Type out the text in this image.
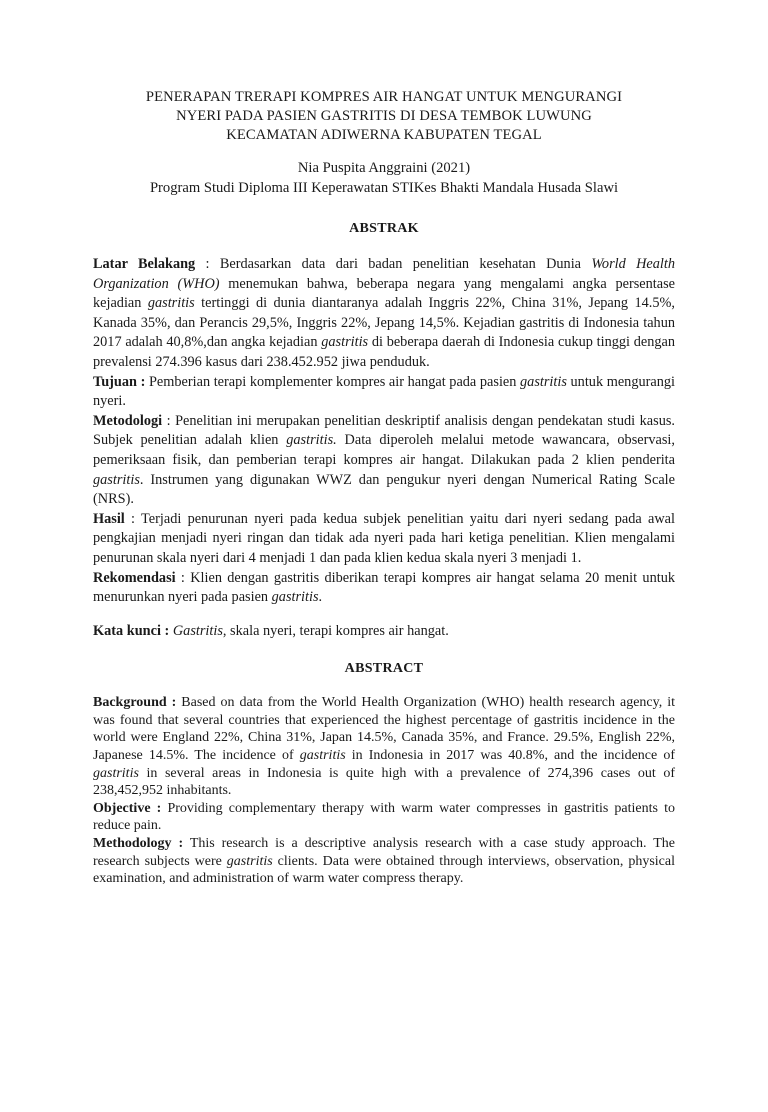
PENERAPAN TRERAPI KOMPRES AIR HANGAT UNTUK MENGURANGI
NYERI PADA PASIEN GASTRITIS DI DESA TEMBOK LUWUNG
KECAMATAN ADIWERNA KABUPATEN TEGAL
Nia Puspita Anggraini (2021)
Program Studi Diploma III Keperawatan STIKes Bhakti Mandala Husada Slawi
ABSTRAK

Latar Belakang : Berdasarkan data dari badan penelitian kesehatan Dunia World Health Organization (WHO) menemukan bahwa, beberapa negara yang mengalami angka persentase kejadian gastritis tertinggi di dunia diantaranya adalah Inggris 22%, China 31%, Jepang 14.5%, Kanada 35%, dan Perancis 29,5%, Inggris 22%, Jepang 14,5%. Kejadian gastritis di Indonesia tahun 2017 adalah 40,8%,dan angka kejadian gastritis di beberapa daerah di Indonesia cukup tinggi dengan prevalensi 274.396 kasus dari 238.452.952 jiwa penduduk.

Tujuan : Pemberian terapi komplementer kompres air hangat pada pasien gastritis untuk mengurangi nyeri.

Metodologi : Penelitian ini merupakan penelitian deskriptif analisis dengan pendekatan studi kasus. Subjek penelitian adalah klien gastritis. Data diperoleh melalui metode wawancara, observasi, pemeriksaan fisik, dan pemberian terapi kompres air hangat. Dilakukan pada 2 klien penderita gastritis. Instrumen yang digunakan WWZ dan pengukur nyeri dengan Numerical Rating Scale (NRS).

Hasil : Terjadi penurunan nyeri pada kedua subjek penelitian yaitu dari nyeri sedang pada awal pengkajian menjadi nyeri ringan dan tidak ada nyeri pada hari ketiga penelitian. Klien mengalami penurunan skala nyeri dari 4 menjadi 1 dan pada klien kedua skala nyeri 3 menjadi 1.

Rekomendasi : Klien dengan gastritis diberikan terapi kompres air hangat selama 20 menit untuk menurunkan nyeri pada pasien gastritis.

Kata kunci : Gastritis, skala nyeri, terapi kompres air hangat.

ABSTRACT

Background : Based on data from the World Health Organization (WHO) health research agency, it was found that several countries that experienced the highest percentage of gastritis incidence in the world were England 22%, China 31%, Japan 14.5%, Canada 35%, and France. 29.5%, English 22%, Japanese 14.5%. The incidence of gastritis in Indonesia in 2017 was 40.8%, and the incidence of gastritis in several areas in Indonesia is quite high with a prevalence of 274,396 cases out of 238,452,952 inhabitants.

Objective : Providing complementary therapy with warm water compresses in gastritis patients to reduce pain.

Methodology : This research is a descriptive analysis research with a case study approach. The research subjects were gastritis clients. Data were obtained through interviews, observation, physical examination, and administration of warm water compress therapy.
